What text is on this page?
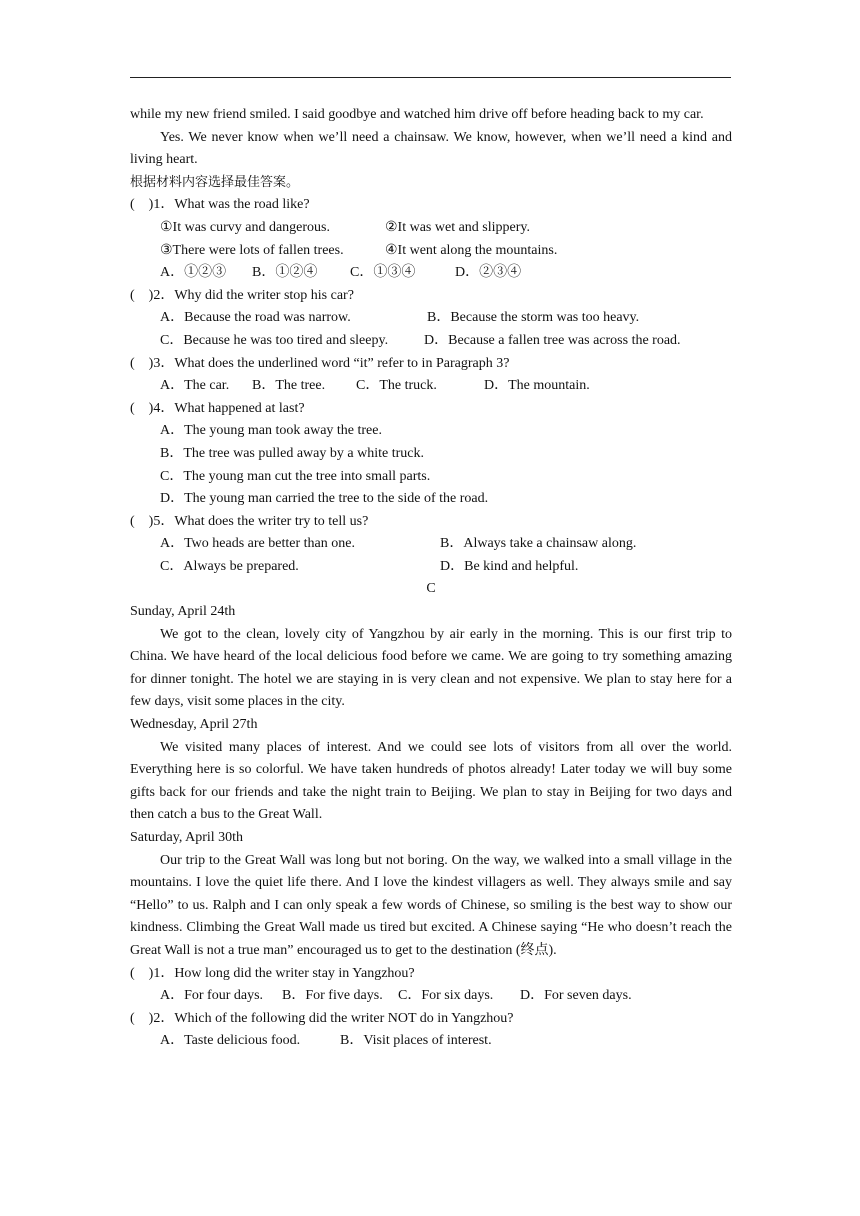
while my new friend smiled. I said goodbye and watched him drive off before heading back to my car.

Yes. We never know when we’ll need a chainsaw. We know, however, when we’ll need a kind and living heart.

根据材料内容选择最佳答案。

(    )1．What was the road like?

①It was curvy and dangerous.	②It was wet and slippery.
③There were lots of fallen trees.	④It went along the mountains.
A．①②③	B．①②④	C．①③④	D．②③④

(    )2．Why did the writer stop his car?

A．Because the road was narrow.	B．Because the storm was too heavy.
C．Because he was too tired and sleepy.	D．Because a fallen tree was across the road.

(    )3．What does the underlined word “it” refer to in Paragraph 3?

A．The car.	B．The tree.	C．The truck.	D．The mountain.

(    )4．What happened at last?

A．The young man took away the tree.

B．The tree was pulled away by a white truck.

C．The young man cut the tree into small parts.

D．The young man carried the tree to the side of the road.

(    )5．What does the writer try to tell us?

A．Two heads are better than one.	B．Always take a chainsaw along.
C．Always be prepared.	D．Be kind and helpful.

C

Sunday, April 24th

We got to the clean, lovely city of Yangzhou by air early in the morning. This is our first trip to China. We have heard of the local delicious food before we came. We are going to try something amazing for dinner tonight. The hotel we are staying in is very clean and not expensive. We plan to stay here for a few days, visit some places in the city.

Wednesday, April 27th

We visited many places of interest. And we could see lots of visitors from all over the world. Everything here is so colorful. We have taken hundreds of photos already! Later today we will buy some gifts back for our friends and take the night train to Beijing. We plan to stay in Beijing for two days and then catch a bus to the Great Wall.

Saturday, April 30th

Our trip to the Great Wall was long but not boring. On the way, we walked into a small village in the mountains. I love the quiet life there. And I love the kindest villagers as well. They always smile and say “Hello” to us. Ralph and I can only speak a few words of Chinese, so smiling is the best way to show our kindness. Climbing the Great Wall made us tired but excited. A Chinese saying “He who doesn’t reach the Great Wall is not a true man” encouraged us to get to the destination (终点).

(    )1．How long did the writer stay in Yangzhou?

A．For four days.	B．For five days.	C．For six days.	D．For seven days.

(    )2．Which of the following did the writer NOT do in Yangzhou?

A．Taste delicious food.	B．Visit places of interest.
